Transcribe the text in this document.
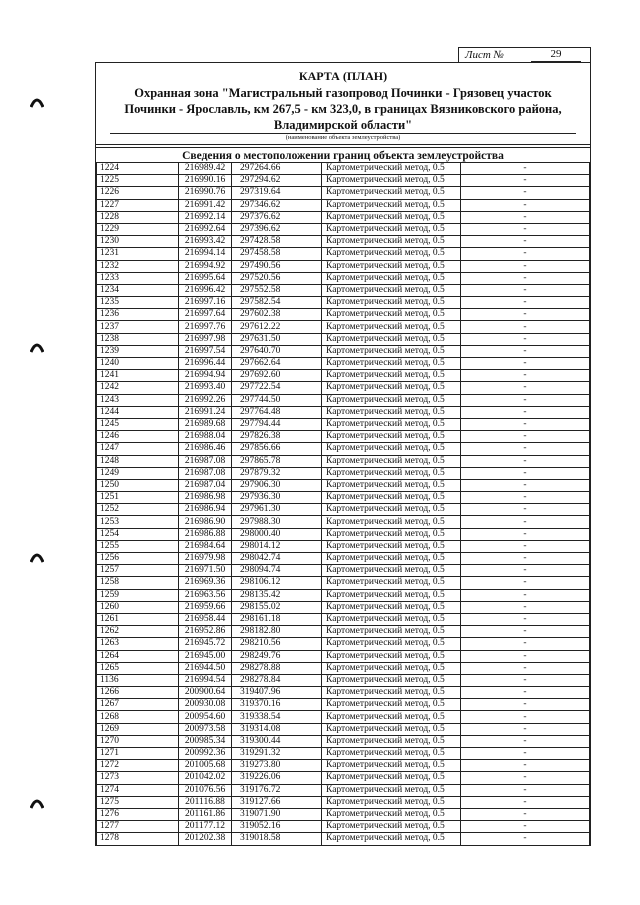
Лист №	29
КАРТА (ПЛАН)
Охранная зона "Магистральный газопровод Починки - Грязовец участок Починки - Ярославль, км 267,5 - км 323,0, в границах Вязниковского района, Владимирской области"
(наименование объекта землеустройства)
Сведения о местоположении границ объекта землеустройства
1224	216989.42	297264.66	Картометрический метод, 0.5	-
1225	216990.16	297294.62	Картометрический метод, 0.5	-
1226	216990.76	297319.64	Картометрический метод, 0.5	-
1227	216991.42	297346.62	Картометрический метод, 0.5	-
1228	216992.14	297376.62	Картометрический метод, 0.5	-
1229	216992.64	297396.62	Картометрический метод, 0.5	-
1230	216993.42	297428.58	Картометрический метод, 0.5	-
1231	216994.14	297458.58	Картометрический метод, 0.5	-
1232	216994.92	297490.56	Картометрический метод, 0.5	-
1233	216995.64	297520.56	Картометрический метод, 0.5	-
1234	216996.42	297552.58	Картометрический метод, 0.5	-
1235	216997.16	297582.54	Картометрический метод, 0.5	-
1236	216997.64	297602.38	Картометрический метод, 0.5	-
1237	216997.76	297612.22	Картометрический метод, 0.5	-
1238	216997.98	297631.50	Картометрический метод, 0.5	-
1239	216997.54	297640.70	Картометрический метод, 0.5	-
1240	216996.44	297662.64	Картометрический метод, 0.5	-
1241	216994.94	297692.60	Картометрический метод, 0.5	-
1242	216993.40	297722.54	Картометрический метод, 0.5	-
1243	216992.26	297744.50	Картометрический метод, 0.5	-
1244	216991.24	297764.48	Картометрический метод, 0.5	-
1245	216989.68	297794.44	Картометрический метод, 0.5	-
1246	216988.04	297826.38	Картометрический метод, 0.5	-
1247	216986.46	297856.66	Картометрический метод, 0.5	-
1248	216987.08	297865.78	Картометрический метод, 0.5	-
1249	216987.08	297879.32	Картометрический метод, 0.5	-
1250	216987.04	297906.30	Картометрический метод, 0.5	-
1251	216986.98	297936.30	Картометрический метод, 0.5	-
1252	216986.94	297961.30	Картометрический метод, 0.5	-
1253	216986.90	297988.30	Картометрический метод, 0.5	-
1254	216986.88	298000.40	Картометрический метод, 0.5	-
1255	216984.64	298014.12	Картометрический метод, 0.5	-
1256	216979.98	298042.74	Картометрический метод, 0.5	-
1257	216971.50	298094.74	Картометрический метод, 0.5	-
1258	216969.36	298106.12	Картометрический метод, 0.5	-
1259	216963.56	298135.42	Картометрический метод, 0.5	-
1260	216959.66	298155.02	Картометрический метод, 0.5	-
1261	216958.44	298161.18	Картометрический метод, 0.5	-
1262	216952.86	298182.80	Картометрический метод, 0.5	-
1263	216945.72	298210.56	Картометрический метод, 0.5	-
1264	216945.00	298249.76	Картометрический метод, 0.5	-
1265	216944.50	298278.88	Картометрический метод, 0.5	-
1136	216994.54	298278.84	Картометрический метод, 0.5	-
1266	200900.64	319407.96	Картометрический метод, 0.5	-
1267	200930.08	319370.16	Картометрический метод, 0.5	-
1268	200954.60	319338.54	Картометрический метод, 0.5	-
1269	200973.58	319314.08	Картометрический метод, 0.5	-
1270	200985.34	319300.44	Картометрический метод, 0.5	-
1271	200992.36	319291.32	Картометрический метод, 0.5	-
1272	201005.68	319273.80	Картометрический метод, 0.5	-
1273	201042.02	319226.06	Картометрический метод, 0.5	-
1274	201076.56	319176.72	Картометрический метод, 0.5	-
1275	201116.88	319127.66	Картометрический метод, 0.5	-
1276	201161.86	319071.90	Картометрический метод, 0.5	-
1277	201177.12	319052.16	Картометрический метод, 0.5	-
1278	201202.38	319018.58	Картометрический метод, 0.5	-
